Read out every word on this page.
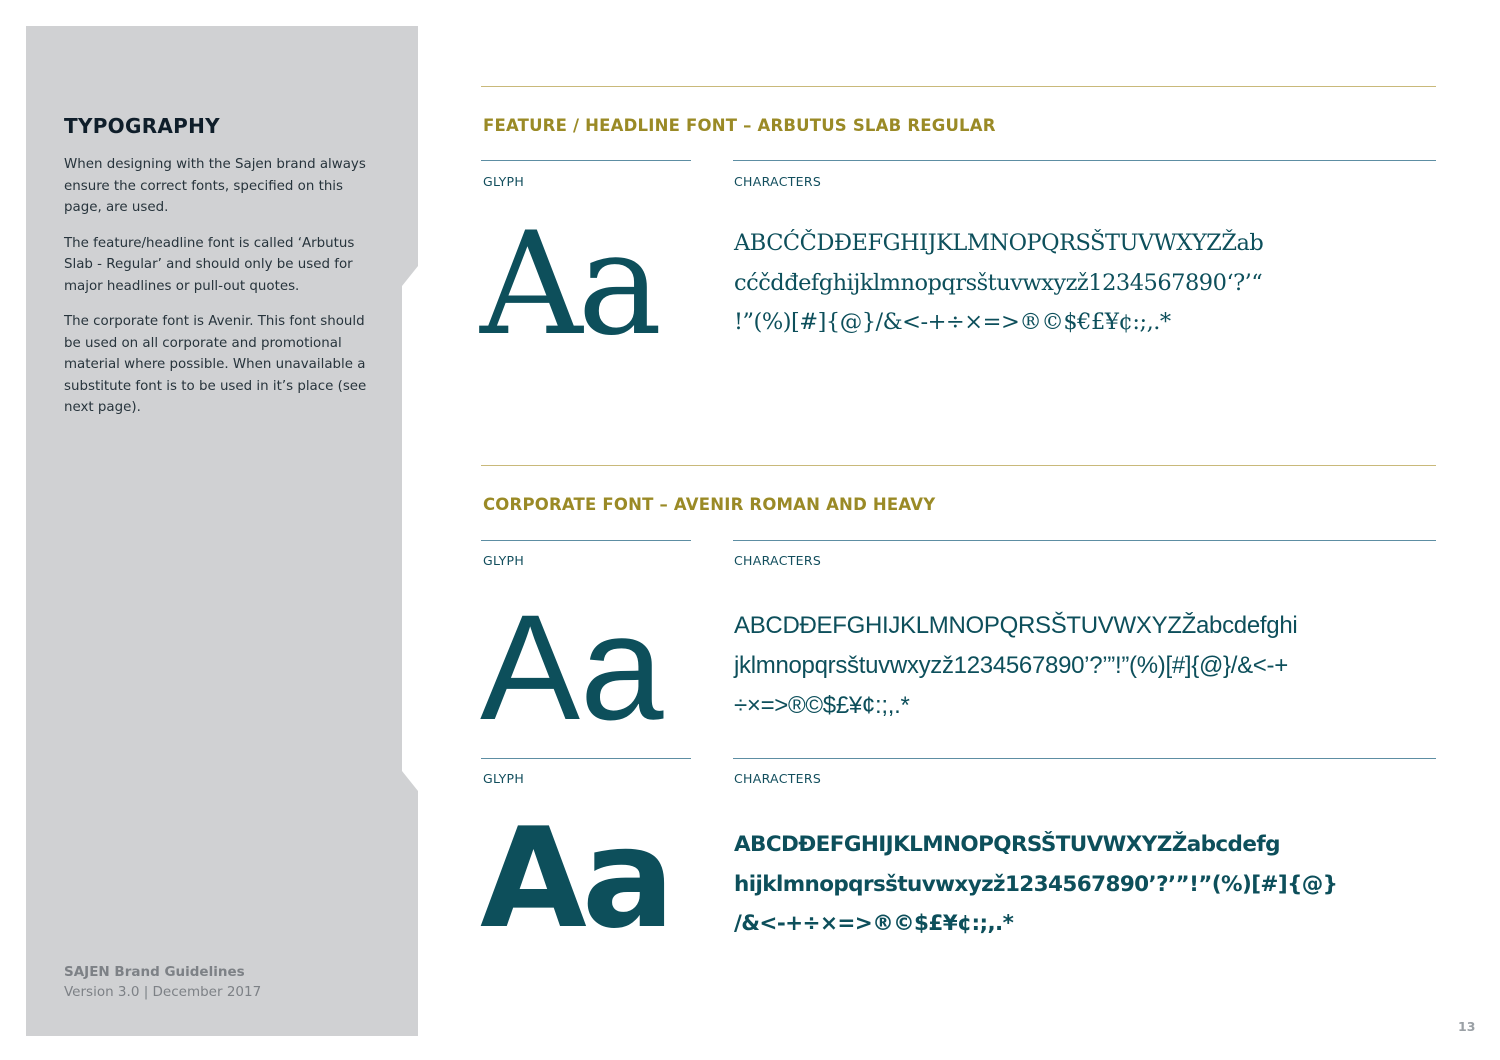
TYPOGRAPHY

When designing with the Sajen brand always ensure the correct fonts, specified on this page, are used.

The feature/headline font is called ‘Arbutus Slab - Regular’ and should only be used for major headlines or pull-out quotes.

The corporate font is Avenir. This font should be used on all corporate and promotional material where possible. When unavailable a substitute font is to be used in it’s place (see next page).

SAJEN Brand Guidelines
Version 3.0 | December 2017
FEATURE / HEADLINE FONT – ARBUTUS SLAB REGULAR
GLYPH	CHARACTERS
Aa	ABCĆČDĐEFGHIJKLMNOPQRSŠTUVWXYZŽab
cćčdđefghijklmnopqrsštuvwxyzž1234567890‘?’“
!”(%)[#]{@}/&<-+÷×=>®©$€£¥¢:;,.*

CORPORATE FONT – AVENIR ROMAN AND HEAVY
GLYPH	CHARACTERS
Aa	ABCDĐEFGHIJKLMNOPQRSŠTUVWXYZŽabcdefghi
jklmnopqrsštuvwxyzž1234567890’?’”!”(%)[#]{@}/&<-+
÷×=>®©$£¥¢:;,.*

GLYPH	CHARACTERS
Aa	ABCDĐEFGHIJKLMNOPQRSŠTUVWXYZŽabcdefg
hijklmnopqrsštuvwxyzž1234567890’?’”!”(%)[#]{@}
/&<-+÷×=>®©$£¥¢:;,.*

13
